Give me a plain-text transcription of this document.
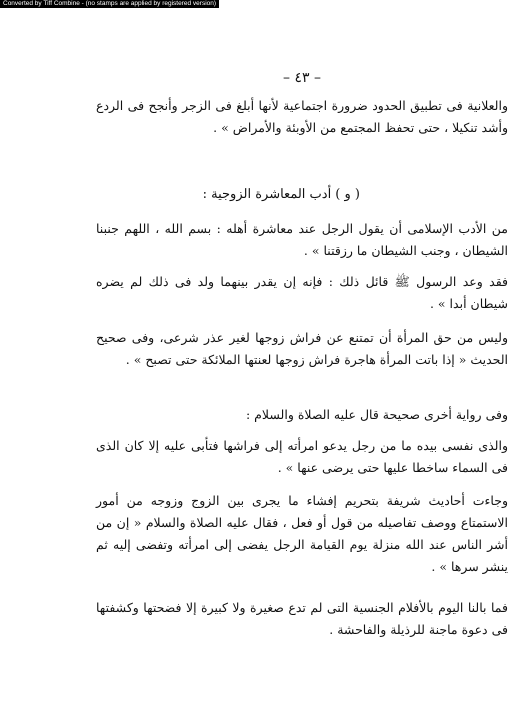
Converted by Tiff Combine - (no stamps are applied by registered version)
– ٤٣ –

والعلانية فى تطبيق الحدود ضرورة اجتماعية لأنها أبلغ فى الزجر وأنجح فى الردع وأشد تنكيلا ، حتى تحفظ المجتمع من الأوبئة والأمراض » .

( و ) أدب المعاشرة الزوجية :

من الأدب الإسلامى أن يقول الرجل عند معاشرة أهله : بسم الله ، اللهم جنبنا الشيطان ، وجنب الشيطان ما رزقتنا » .

فقد وعد الرسول ﷺ قائل ذلك : فإنه إن يقدر بينهما ولد فى ذلك لم يضره شيطان أبدا » .

وليس من حق المرأة أن تمتنع عن فراش زوجها لغير عذر شرعى، وفى صحيح الحديث « إذا باتت المرأة هاجرة فراش زوجها لعنتها الملائكة حتى تصبح » .

وفى رواية أخرى صحيحة قال عليه الصلاة والسلام :

والذى نفسى بيده ما من رجل يدعو امرأته إلى فراشها فتأبى عليه إلا كان الذى فى السماء ساخطا عليها حتى يرضى عنها » .

وجاءت أحاديث شريفة بتحريم إفشاء ما يجرى بين الزوج وزوجه من أمور الاستمتاع ووصف تفاصيله من قول أو فعل ، فقال عليه الصلاة والسلام « إن من أشر الناس عند الله منزلة يوم القيامة الرجل يفضى إلى امرأته وتفضى إليه ثم ينشر سرها » .

فما بالنا اليوم بالأفلام الجنسية التى لم تدع صغيرة ولا كبيرة إلا فضحتها وكشفتها فى دعوة ماجنة للرذيلة والفاحشة .
